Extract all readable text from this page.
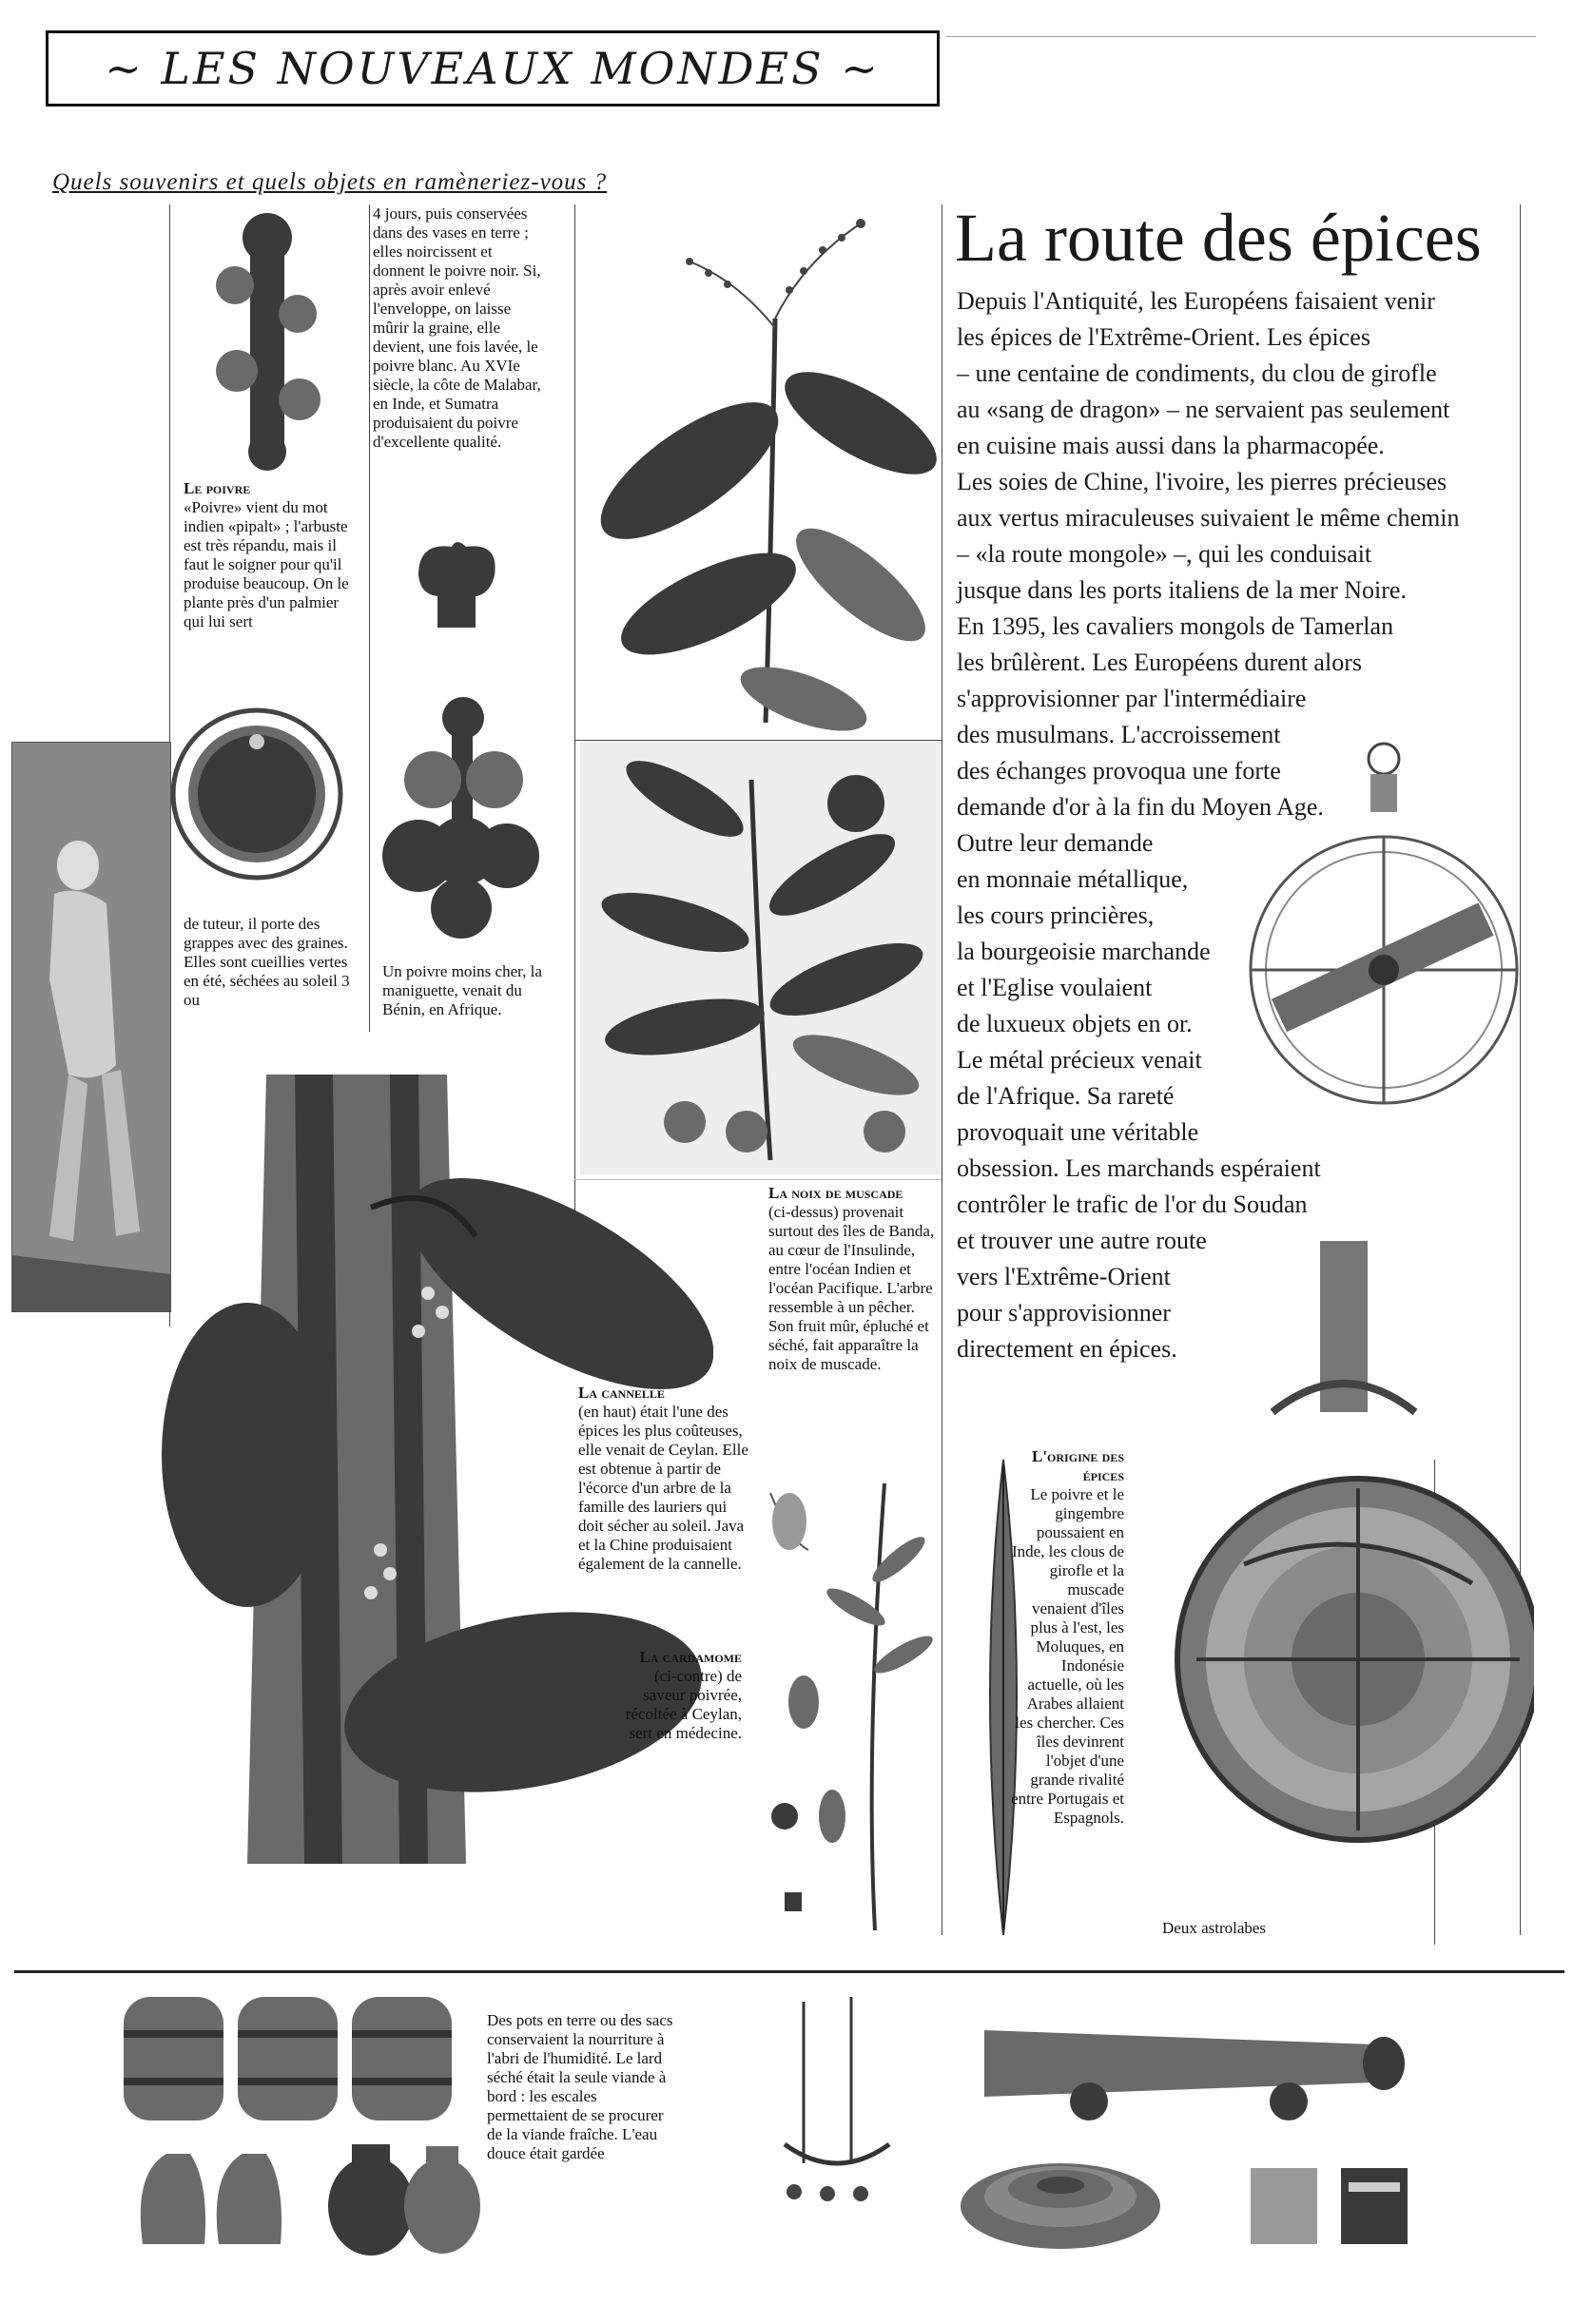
~ LES NOUVEAUX MONDES ~
Quels souvenirs et quels objets en ramèneriez-vous ?
La route des épices
Depuis l'Antiquité, les Européens faisaient venir
les épices de l'Extrême-Orient. Les épices
– une centaine de condiments, du clou de girofle
au «sang de dragon» – ne servaient pas seulement
en cuisine mais aussi dans la pharmacopée.
Les soies de Chine, l'ivoire, les pierres précieuses
aux vertus miraculeuses suivaient le même chemin
– «la route mongole» –, qui les conduisait
jusque dans les ports italiens de la mer Noire.
En 1395, les cavaliers mongols de Tamerlan
les brûlèrent. Les Européens durent alors
s'approvisionner par l'intermédiaire
des musulmans. L'accroissement
des échanges provoqua une forte
demande d'or à la fin du Moyen Age.
Outre leur demande
en monnaie métallique,
les cours princières,
la bourgeoisie marchande
et l'Eglise voulaient
de luxueux objets en or.
Le métal précieux venait
de l'Afrique. Sa rareté
provoquait une véritable
obsession. Les marchands espéraient
contrôler le trafic de l'or du Soudan
et trouver une autre route
vers l'Extrême-Orient
pour s'approvisionner
directement en épices.
Le poivre
«Poivre» vient du mot indien «pipalt» ; l'arbuste est très répandu, mais il faut le soigner pour qu'il produise beaucoup. On le plante près d'un palmier qui lui sert
4 jours, puis conservées dans des vases en terre ; elles noircissent et donnent le poivre noir. Si, après avoir enlevé l'enveloppe, on laisse mûrir la graine, elle devient, une fois lavée, le poivre blanc. Au XVIe siècle, la côte de Malabar, en Inde, et Sumatra produisaient du poivre d'excellente qualité.
de tuteur, il porte des grappes avec des graines. Elles sont cueillies vertes en été, séchées au soleil 3 ou
Un poivre moins cher, la maniguette, venait du Bénin, en Afrique.
La noix de muscade
(ci-dessus) provenait surtout des îles de Banda, au cœur de l'Insulinde, entre l'océan Indien et l'océan Pacifique. L'arbre ressemble à un pêcher. Son fruit mûr, épluché et séché, fait apparaître la noix de muscade.
La cannelle
(en haut) était l'une des épices les plus coûteuses, elle venait de Ceylan. Elle est obtenue à partir de l'écorce d'un arbre de la famille des lauriers qui doit sécher au soleil. Java et la Chine produisaient également de la cannelle.
La cardamome
(ci-contre) de saveur poivrée, récoltée à Ceylan, sert en médecine.
L'origine des épices
Le poivre et le gingembre poussaient en Inde, les clous de girofle et la muscade venaient d'îles plus à l'est, les Moluques, en Indonésie actuelle, où les Arabes allaient les chercher. Ces îles devinrent l'objet d'une grande rivalité entre Portugais et Espagnols.
Deux astrolabes
Des pots en terre ou des sacs conservaient la nourriture à l'abri de l'humidité. Le lard séché était la seule viande à bord : les escales permettaient de se procurer de la viande fraîche. L'eau douce était gardée
